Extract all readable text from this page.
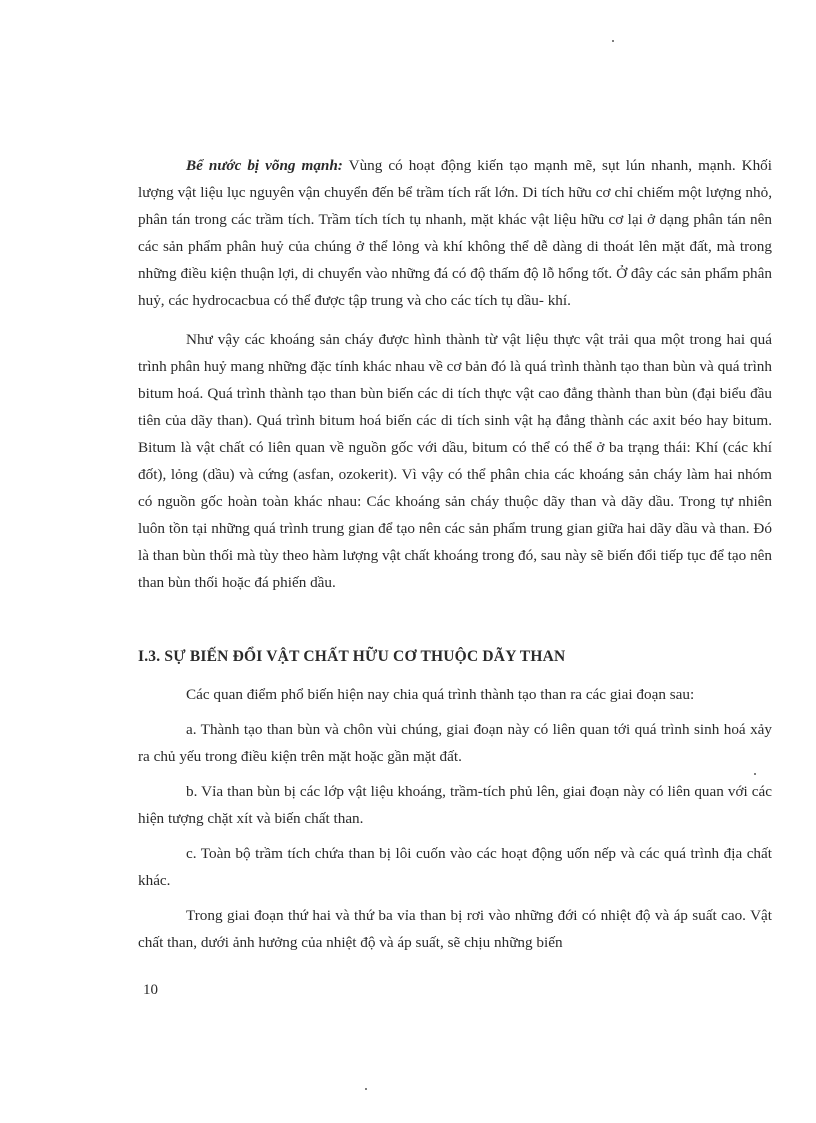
Bể nước bị võng mạnh: Vùng có hoạt động kiến tạo mạnh mẽ, sụt lún nhanh, mạnh. Khối lượng vật liệu lục nguyên vận chuyển đến bể trầm tích rất lớn. Di tích hữu cơ chỉ chiếm một lượng nhỏ, phân tán trong các trầm tích. Trầm tích tích tụ nhanh, mặt khác vật liệu hữu cơ lại ở dạng phân tán nên các sản phẩm phân huỷ của chúng ở thể lỏng và khí không thể dễ dàng di thoát lên mặt đất, mà trong những điều kiện thuận lợi, di chuyển vào những đá có độ thấm độ lỗ hổng tốt. Ở đây các sản phẩm phân huỷ, các hydrocacbua có thể được tập trung và cho các tích tụ dầu- khí.

Như vậy các khoáng sản cháy được hình thành từ vật liệu thực vật trải qua một trong hai quá trình phân huỷ mang những đặc tính khác nhau về cơ bản đó là quá trình thành tạo than bùn và quá trình bitum hoá. Quá trình thành tạo than bùn biến các di tích thực vật cao đẳng thành than bùn (đại biểu đầu tiên của dãy than). Quá trình bitum hoá biến các di tích sinh vật hạ đẳng thành các axit béo hay bitum. Bitum là vật chất có liên quan về nguồn gốc với dầu, bitum có thể có thể ở ba trạng thái: Khí (các khí đốt), lỏng (dầu) và cứng (asfan, ozokerit). Vì vậy có thể phân chia các khoáng sản cháy làm hai nhóm có nguồn gốc hoàn toàn khác nhau: Các khoáng sản cháy thuộc dãy than và dãy dầu. Trong tự nhiên luôn tồn tại những quá trình trung gian để tạo nên các sản phẩm trung gian giữa hai dãy dầu và than. Đó là than bùn thối mà tùy theo hàm lượng vật chất khoáng trong đó, sau này sẽ biến đổi tiếp tục để tạo nên than bùn thối hoặc đá phiến dầu.

I.3. SỰ BIẾN ĐỔI VẬT CHẤT HỮU CƠ THUỘC DÃY THAN

Các quan điểm phổ biến hiện nay chia quá trình thành tạo than ra các giai đoạn sau:

a. Thành tạo than bùn và chôn vùi chúng, giai đoạn này có liên quan tới quá trình sinh hoá xảy ra chủ yếu trong điều kiện trên mặt hoặc gần mặt đất.

b. Vỉa than bùn bị các lớp vật liệu khoáng, trầm-tích phủ lên, giai đoạn này có liên quan với các hiện tượng chặt xít và biến chất than.

c. Toàn bộ trầm tích chứa than bị lôi cuốn vào các hoạt động uốn nếp và các quá trình địa chất khác.

Trong giai đoạn thứ hai và thứ ba vỉa than bị rơi vào những đới có nhiệt độ và áp suất cao. Vật chất than, dưới ảnh hưởng của nhiệt độ và áp suất, sẽ chịu những biến

10
